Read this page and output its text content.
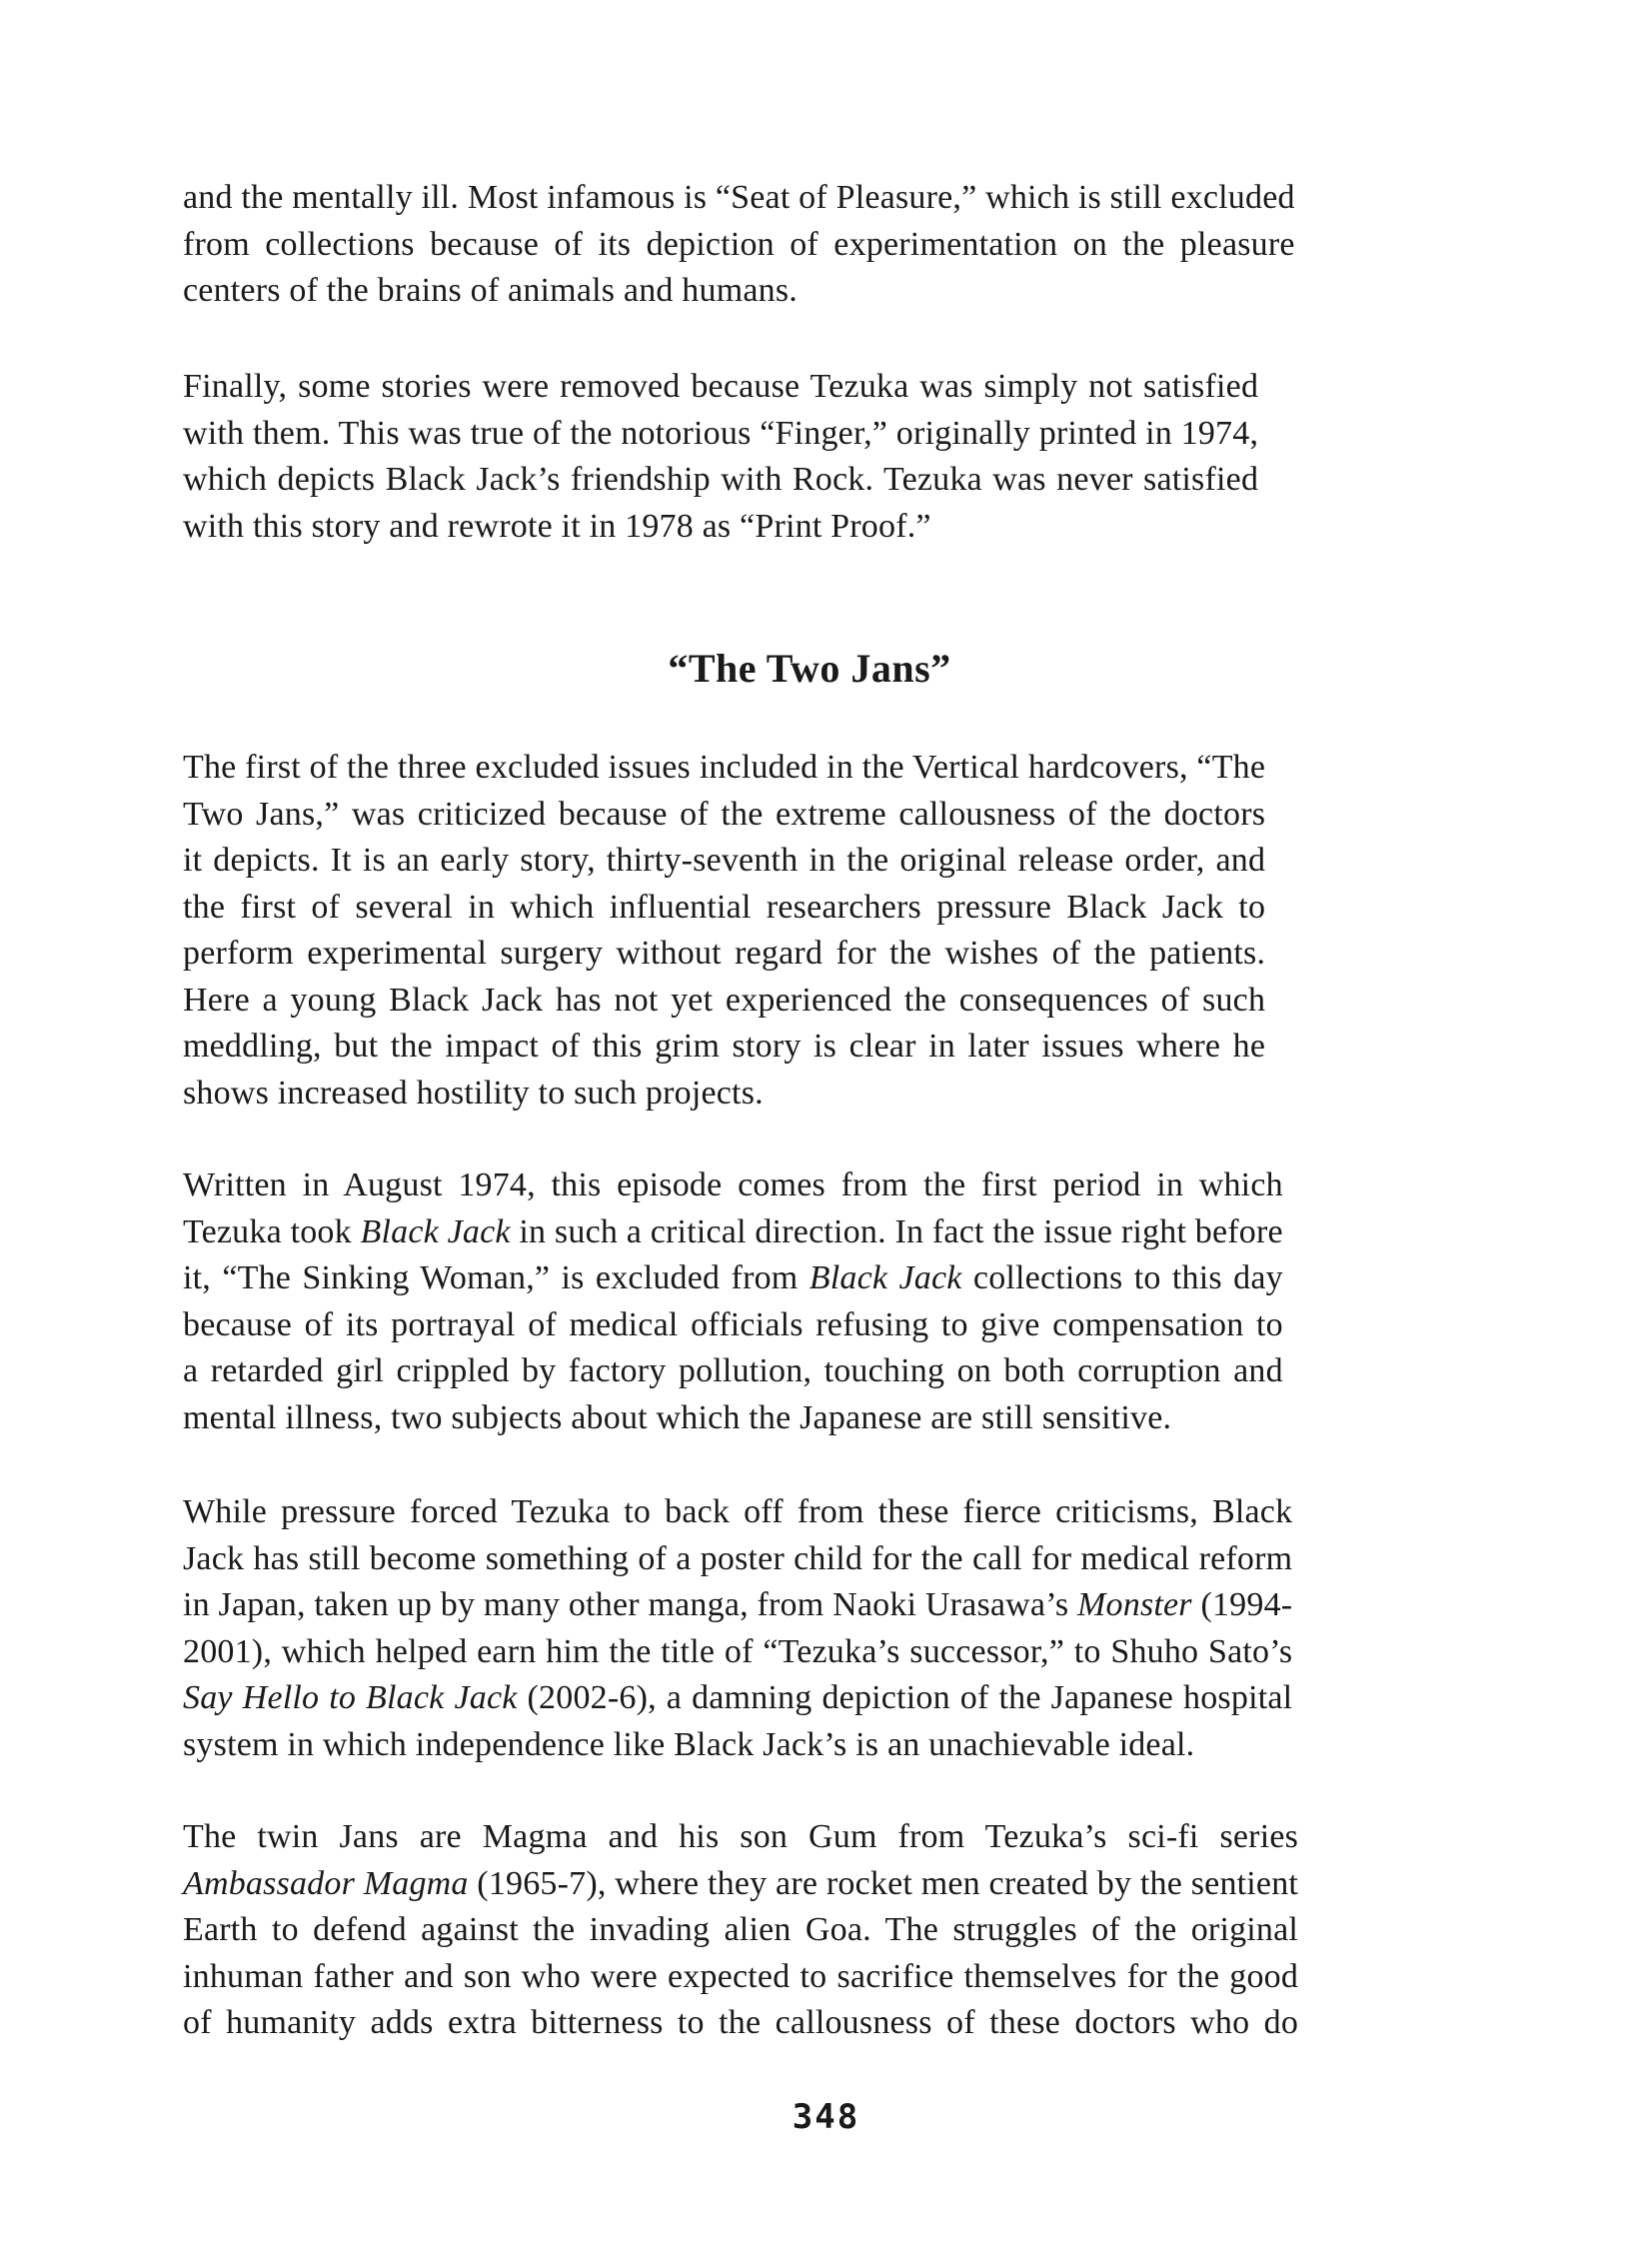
and the mentally ill. Most infamous is “Seat of Pleasure,” which is still excluded
from collections because of its depiction of experimentation on the pleasure
centers of the brains of animals and humans.
Finally, some stories were removed because Tezuka was simply not satisfied
with them. This was true of the notorious “Finger,” originally printed in 1974,
which depicts Black Jack’s friendship with Rock. Tezuka was never satisfied
with this story and rewrote it in 1978 as “Print Proof.”
“The Two Jans”
The first of the three excluded issues included in the Vertical hardcovers, “The
Two Jans,” was criticized because of the extreme callousness of the doctors
it depicts. It is an early story, thirty-seventh in the original release order, and
the first of several in which influential researchers pressure Black Jack to
perform experimental surgery without regard for the wishes of the patients.
Here a young Black Jack has not yet experienced the consequences of such
meddling, but the impact of this grim story is clear in later issues where he
shows increased hostility to such projects.
Written in August 1974, this episode comes from the first period in which
Tezuka took Black Jack in such a critical direction. In fact the issue right before
it, “The Sinking Woman,” is excluded from Black Jack collections to this day
because of its portrayal of medical officials refusing to give compensation to
a retarded girl crippled by factory pollution, touching on both corruption and
mental illness, two subjects about which the Japanese are still sensitive.
While pressure forced Tezuka to back off from these fierce criticisms, Black
Jack has still become something of a poster child for the call for medical reform
in Japan, taken up by many other manga, from Naoki Urasawa’s Monster (1994-
2001), which helped earn him the title of “Tezuka’s successor,” to Shuho Sato’s
Say Hello to Black Jack (2002-6), a damning depiction of the Japanese hospital
system in which independence like Black Jack’s is an unachievable ideal.
The twin Jans are Magma and his son Gum from Tezuka’s sci-fi series
Ambassador Magma (1965-7), where they are rocket men created by the sentient
Earth to defend against the invading alien Goa. The struggles of the original
inhuman father and son who were expected to sacrifice themselves for the good
of humanity adds extra bitterness to the callousness of these doctors who do
348
